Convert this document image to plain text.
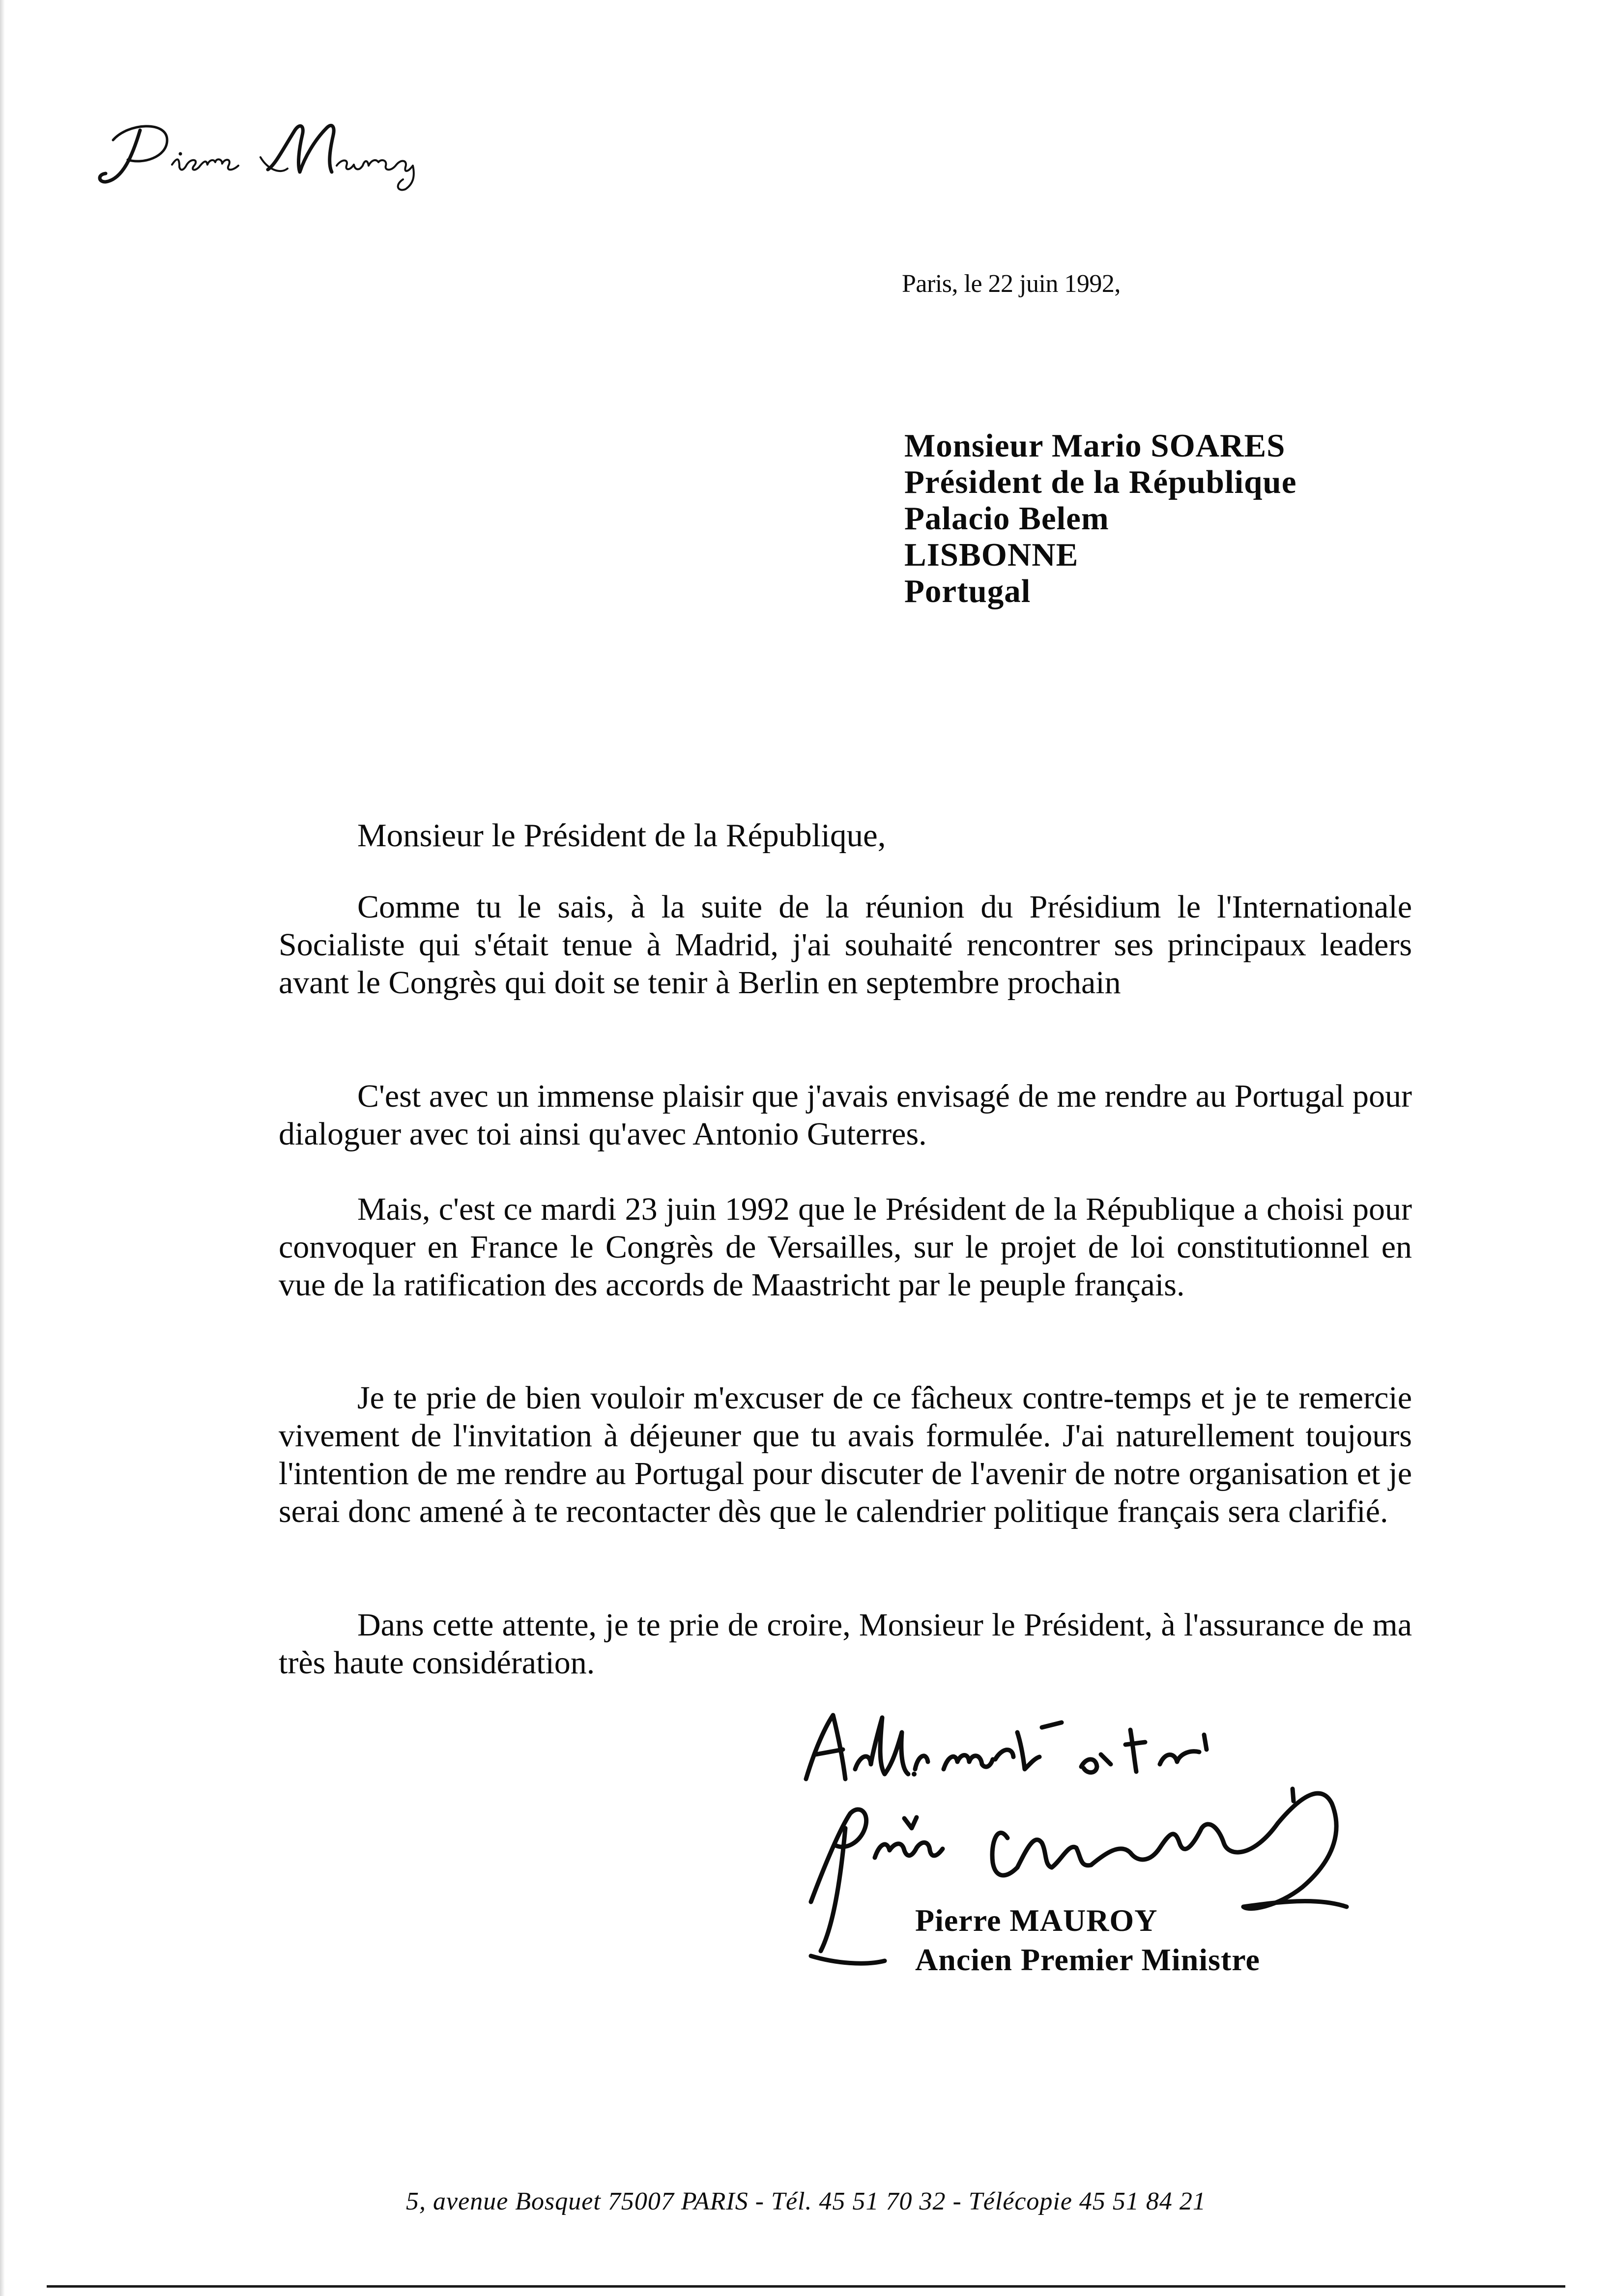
Paris, le 22 juin 1992,
Monsieur Mario SOARES
Président de la République
Palacio Belem
LISBONNE
Portugal
Monsieur le Président de la République,

Comme tu le sais, à la suite de la réunion du Présidium le l'Internationale Socialiste qui s'était tenue à Madrid, j'ai souhaité rencontrer ses principaux leaders avant le Congrès qui doit se tenir à Berlin en septembre prochain

C'est avec un immense plaisir que j'avais envisagé de me rendre au Portugal pour dialoguer avec toi ainsi qu'avec Antonio Guterres.

Mais, c'est ce mardi 23 juin 1992 que le Président de la République a choisi pour convoquer en France le Congrès de Versailles, sur le projet de loi constitutionnel en vue de la ratification des accords de Maastricht par le peuple français.

Je te prie de bien vouloir m'excuser de ce fâcheux contre-temps et je te remercie vivement de l'invitation à déjeuner que tu avais formulée. J'ai naturellement toujours l'intention de me rendre au Portugal pour discuter de l'avenir de notre organisation et je serai donc amené à te recontacter dès que le calendrier politique français sera clarifié.

Dans cette attente, je te prie de croire, Monsieur le Président, à l'assurance de ma très haute considération.

Pierre MAUROY
Ancien Premier Ministre
5, avenue Bosquet 75007 PARIS - Tél. 45 51 70 32 - Télécopie 45 51 84 21
